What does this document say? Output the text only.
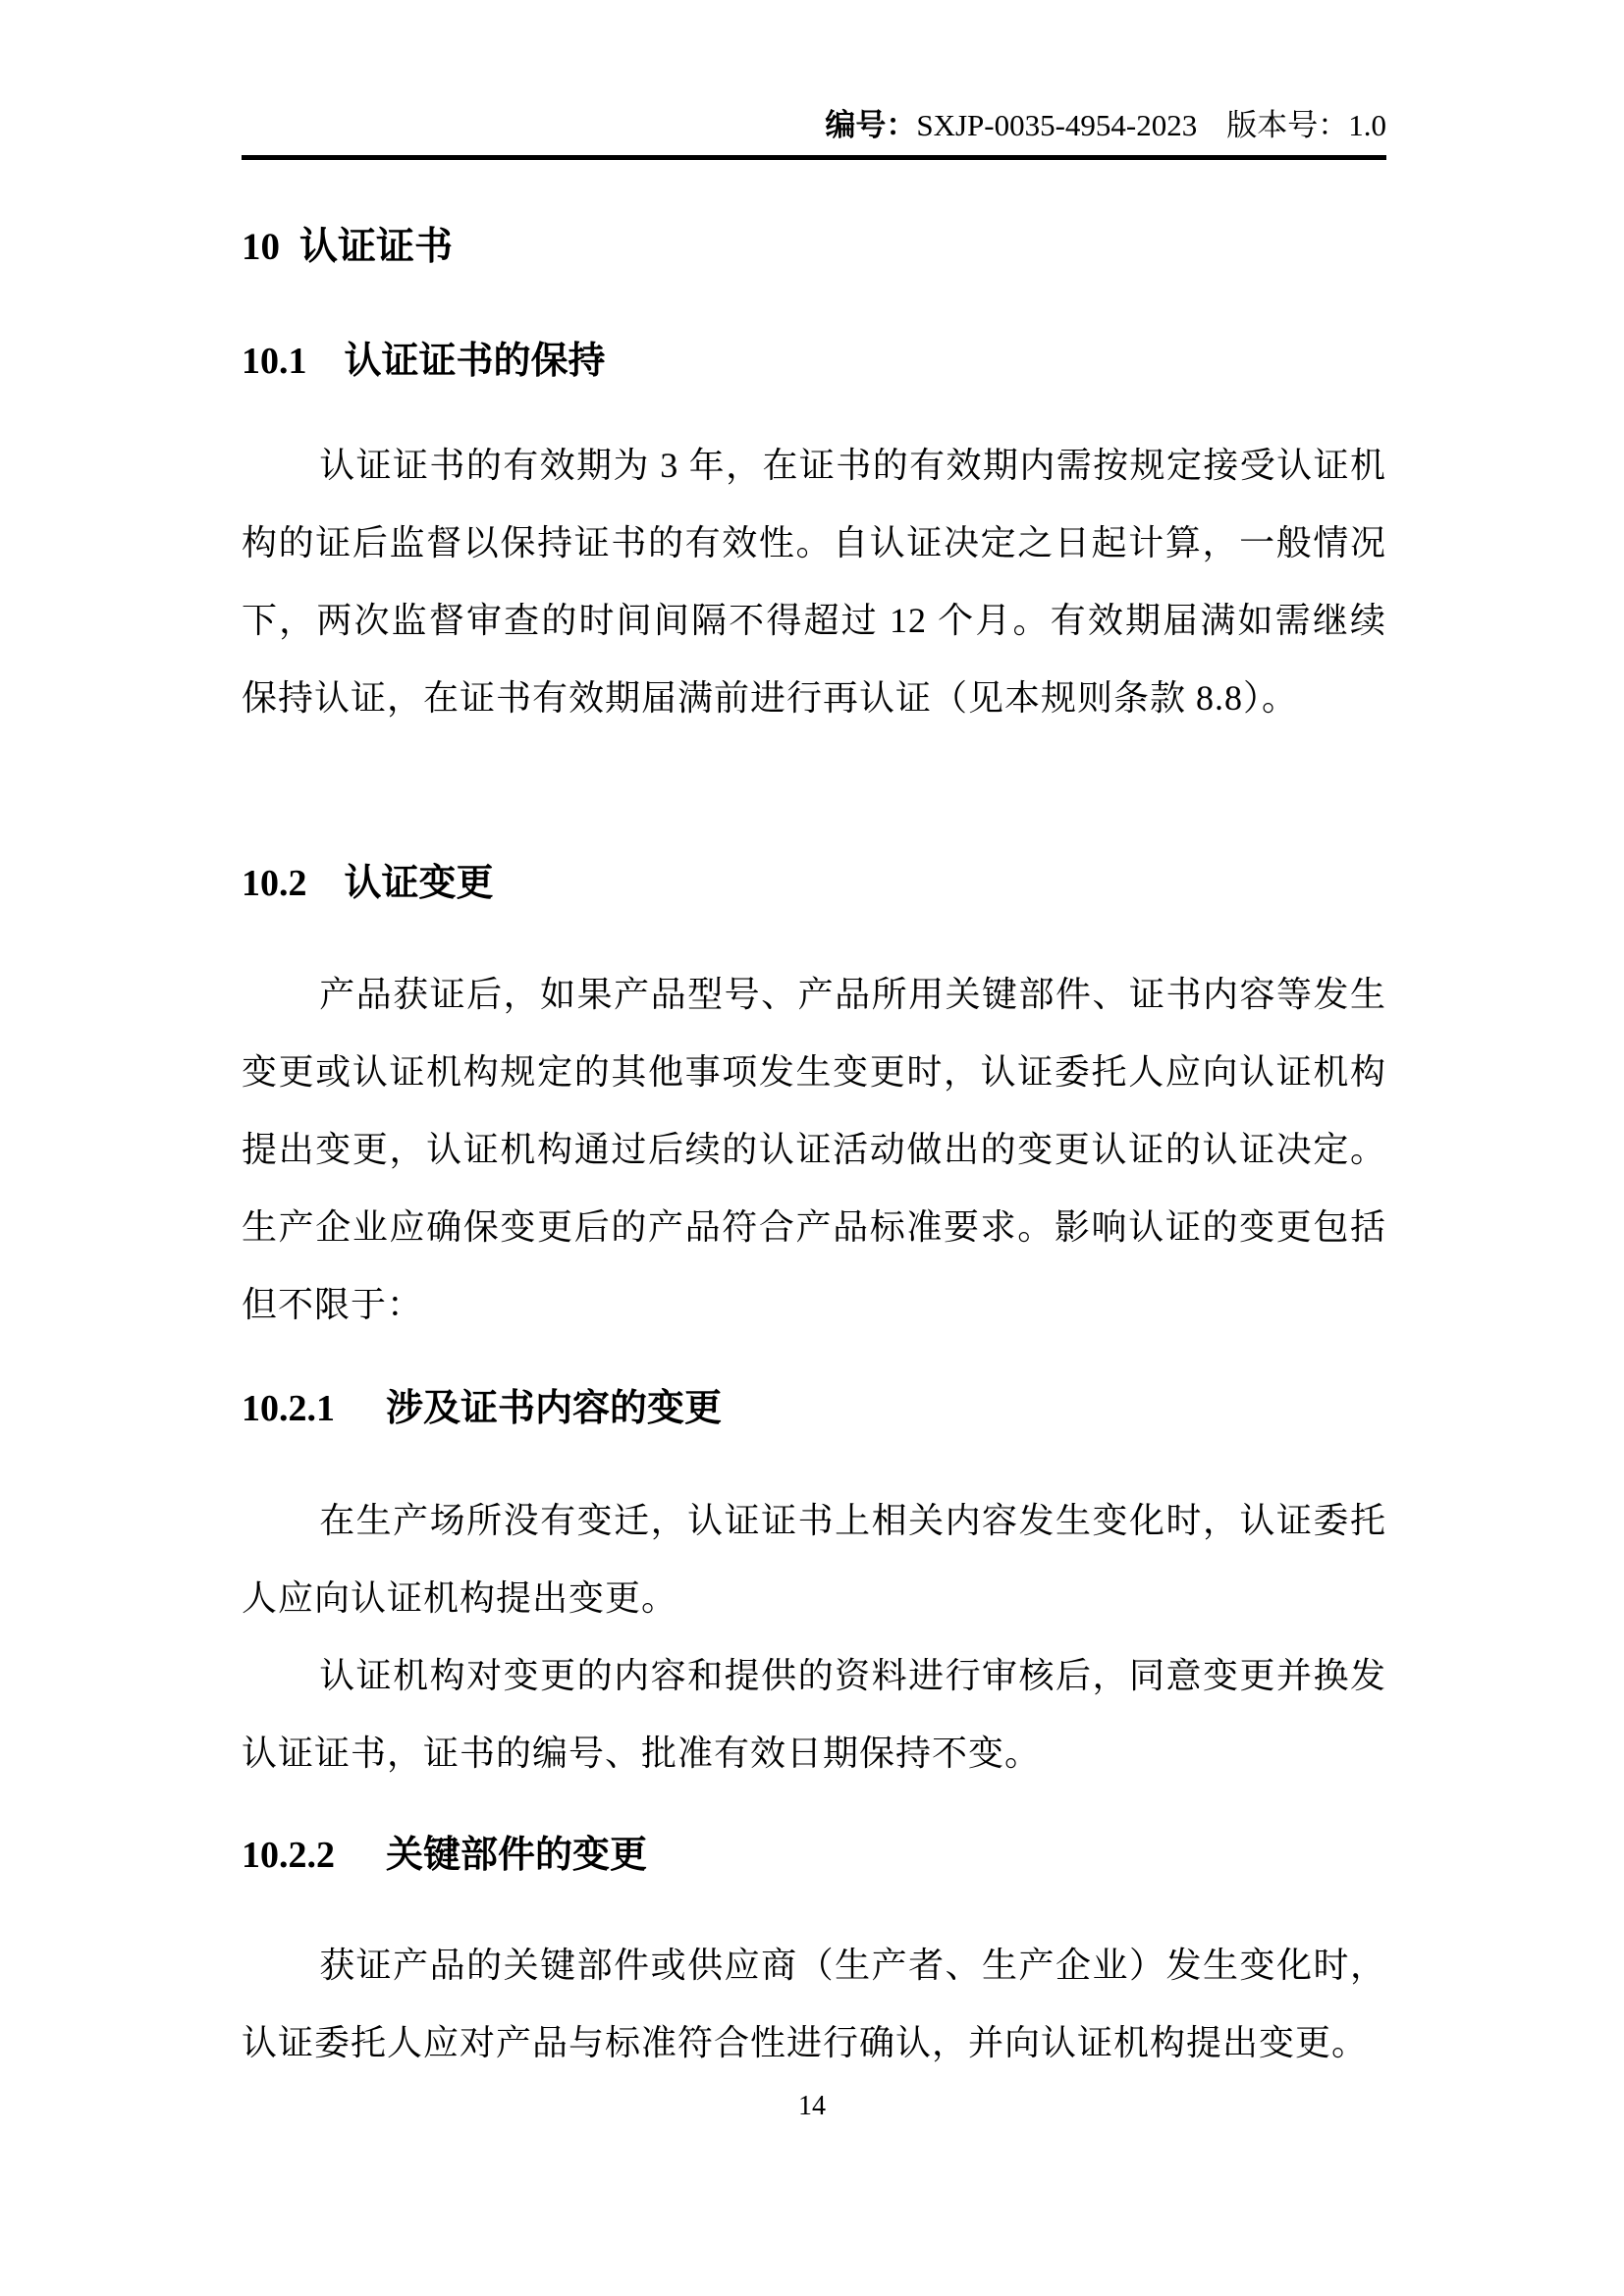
编号：SXJP-0035-4954-2023 版本号：1.0
10 认证证书
10.1 认证证书的保持

认证证书的有效期为 3 年，在证书的有效期内需按规定接受认证机构的证后监督以保持证书的有效性。自认证决定之日起计算，一般情况下，两次监督审查的时间间隔不得超过 12 个月。有效期届满如需继续保持认证，在证书有效期届满前进行再认证（见本规则条款 8.8）。

10.2 认证变更

产品获证后，如果产品型号、产品所用关键部件、证书内容等发生变更或认证机构规定的其他事项发生变更时，认证委托人应向认证机构提出变更，认证机构通过后续的认证活动做出的变更认证的认证决定。生产企业应确保变更后的产品符合产品标准要求。影响认证的变更包括但不限于：

10.2.1 涉及证书内容的变更

在生产场所没有变迁，认证证书上相关内容发生变化时，认证委托人应向认证机构提出变更。

认证机构对变更的内容和提供的资料进行审核后，同意变更并换发认证证书，证书的编号、批准有效日期保持不变。

10.2.2 关键部件的变更

获证产品的关键部件或供应商（生产者、生产企业）发生变化时，认证委托人应对产品与标准符合性进行确认，并向认证机构提出变更。

14
